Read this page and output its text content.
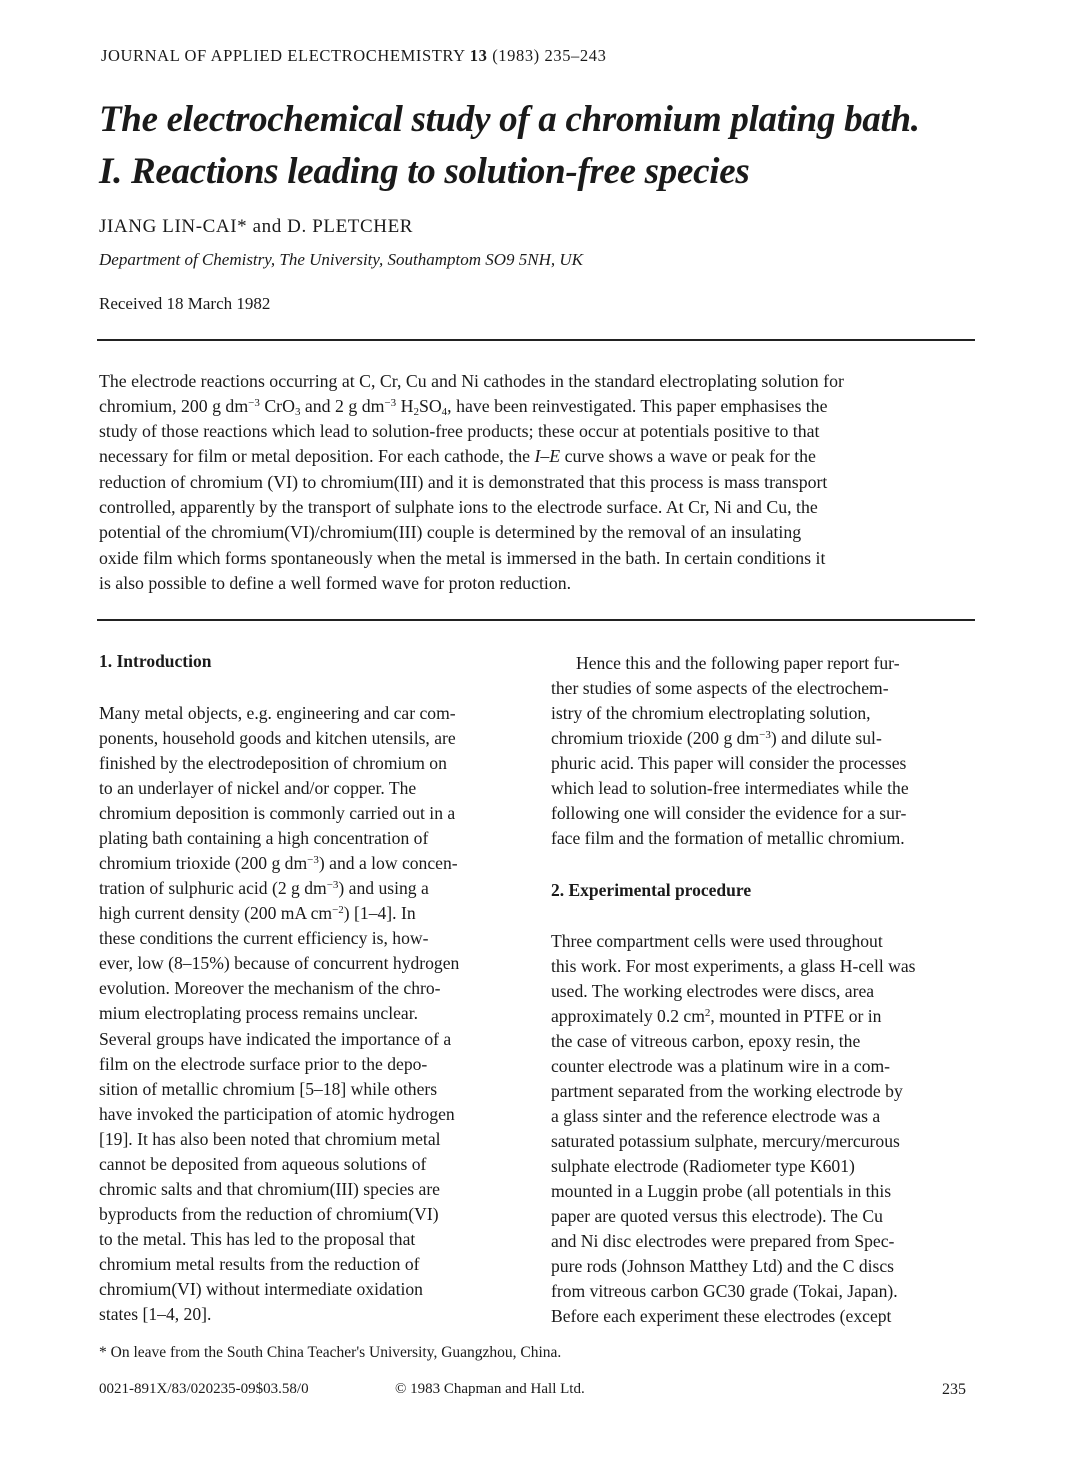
JOURNAL OF APPLIED ELECTROCHEMISTRY 13 (1983) 235–243
The electrochemical study of a chromium plating bath.
I. Reactions leading to solution-free species
JIANG LIN-CAI* and D. PLETCHER
Department of Chemistry, The University, Southamptom SO9 5NH, UK
Received 18 March 1982
The electrode reactions occurring at C, Cr, Cu and Ni cathodes in the standard electroplating solution for
chromium, 200 g $dm^{-3}$ CrO$_3$ and 2 g $dm^{-3}$ $H_2SO_4$, have been reinvestigated. This paper emphasises the
study of those reactions which lead to solution-free products; these occur at potentials positive to that
necessary for film or metal deposition. For each cathode, the I–E curve shows a wave or peak for the
reduction of chromium (VI) to chromium(III) and it is demonstrated that this process is mass transport
controlled, apparently by the transport of sulphate ions to the electrode surface. At Cr, Ni and Cu, the
potential of the chromium(VI)/chromium(III) couple is determined by the removal of an insulating
oxide film which forms spontaneously when the metal is immersed in the bath. In certain conditions it
is also possible to define a well formed wave for proton reduction.
1. Introduction
Many metal objects, e.g. engineering and car com-
ponents, household goods and kitchen utensils, are
finished by the electrodeposition of chromium on
to an underlayer of nickel and/or copper. The
chromium deposition is commonly carried out in a
plating bath containing a high concentration of
chromium trioxide (200 g $dm^{-3}$) and a low concen-
tration of sulphuric acid (2 g $dm^{-3}$) and using a
high current density (200 mA $cm^{-2}$) [1–4]. In
these conditions the current efficiency is, how-
ever, low (8–15%) because of concurrent hydrogen
evolution. Moreover the mechanism of the chro-
mium electroplating process remains unclear.
Several groups have indicated the importance of a
film on the electrode surface prior to the depo-
sition of metallic chromium [5–18] while others
have invoked the participation of atomic hydrogen
[19]. It has also been noted that chromium metal
cannot be deposited from aqueous solutions of
chromic salts and that chromium(III) species are
byproducts from the reduction of chromium(VI)
to the metal. This has led to the proposal that
chromium metal results from the reduction of
chromium(VI) without intermediate oxidation
states [1–4, 20].
Hence this and the following paper report fur-
ther studies of some aspects of the electrochem-
istry of the chromium electroplating solution,
chromium trioxide (200 g $dm^{-3}$) and dilute sul-
phuric acid. This paper will consider the processes
which lead to solution-free intermediates while the
following one will consider the evidence for a sur-
face film and the formation of metallic chromium.
2. Experimental procedure
Three compartment cells were used throughout
this work. For most experiments, a glass H-cell was
used. The working electrodes were discs, area
approximately 0.2 $cm^2$, mounted in PTFE or in
the case of vitreous carbon, epoxy resin, the
counter electrode was a platinum wire in a com-
partment separated from the working electrode by
a glass sinter and the reference electrode was a
saturated potassium sulphate, mercury/mercurous
sulphate electrode (Radiometer type K601)
mounted in a Luggin probe (all potentials in this
paper are quoted versus this electrode). The Cu
and Ni disc electrodes were prepared from Spec-
pure rods (Johnson Matthey Ltd) and the C discs
from vitreous carbon GC30 grade (Tokai, Japan).
Before each experiment these electrodes (except
* On leave from the South China Teacher's University, Guangzhou, China.
0021-891X/83/020235-09$03.58/0	© 1983 Chapman and Hall Ltd.	235
